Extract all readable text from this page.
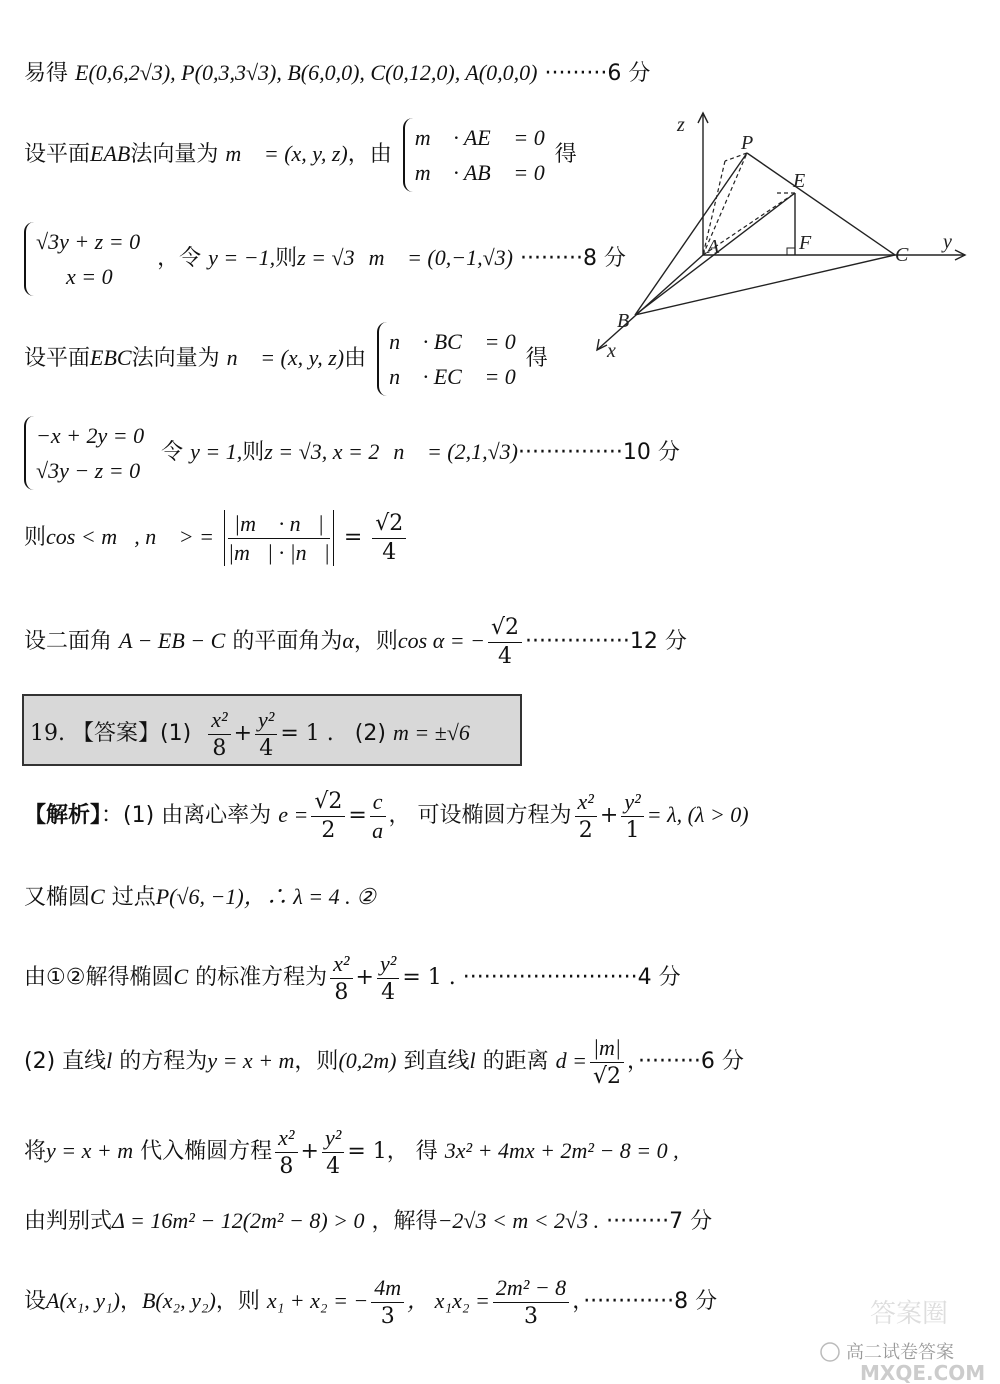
易得 E(0,6,2√3), P(0,3,3√3), B(6,0,0), C(0,12,0), A(0,0,0) ·········6 分
设平面EAB法向量为 m⃗ = (x, y, z)，由
m⃗ · AE⃗ = 0
m⃗ · AB⃗ = 0
得
√3y + z = 0
x = 0
，令 y = −1,则z = √3 m⃗ = (0,−1,√3) ·········8 分
设平面EBC法向量为 n⃗ = (x, y, z)由
n⃗ · BC⃗ = 0
n⃗ · EC⃗ = 0
得
−x + 2y = 0
√3y − z = 0
令 y = 1,则z = √3, x = 2 n⃗ = (2,1,√3)···············10 分
则cos < m⃗, n⃗ > = $\frac{|m⃗ \cdot n⃗|}{|m⃗| \cdot |n⃗|} = \frac{√2}{4}$
设二面角 A − EB − C 的平面角为α，则cos α = − $\frac{√2}{4} \cdot\cdot\cdot\cdot\cdot\cdot\cdot\cdot\cdot\cdot\cdot\cdot\cdot\cdot\cdot 12$ 分
19. 【答案】$(1) \frac{\text{x²}}{8} + \frac{\text{y²}}{4} = 1$ . (2) m = ±√6
【解析】：(1) 由离心率为 $e = \frac{√2}{2} = \frac{c}{a}$ ， 可设椭圆方程为 $\frac{\text{x²}}{2} + \frac{\text{y²}}{1} = \lambda$, (λ > 0)
又椭圆C 过点P(√6, −1)，∴ λ = 4 . ②
由①②解得椭圆C 的标准方程为 $\frac{\text{x²}}{8} + \frac{\text{y²}}{4} = 1$ . ·························4 分
(2) 直线l 的方程为y = x + m，则(0,2m) 到直线l 的距离 $d = \frac{|m|}{√2}$ ，·········6 分
将y = x + m 代入椭圆方程 $\frac{\text{x²}}{8} + \frac{\text{y²}}{4} = 1$， 得 3x² + 4mx + 2m² − 8 = 0 ,
由判别式Δ = 16m² − 12(2m² − 8) > 0 ，解得−2√3 < m < 2√3 . ·········7 分
设A(x₁, y₁)，B(x₂, y₂)，则 x₁ + x₂ = − $\frac{4m}{3}$ ， $x_1x_2 = \frac{\text{2m² − 8}}{3}$ ，·············8 分
z
y
x
P
E
A	F
C
B
答案圈
高二试卷答案
MXQE.COM
